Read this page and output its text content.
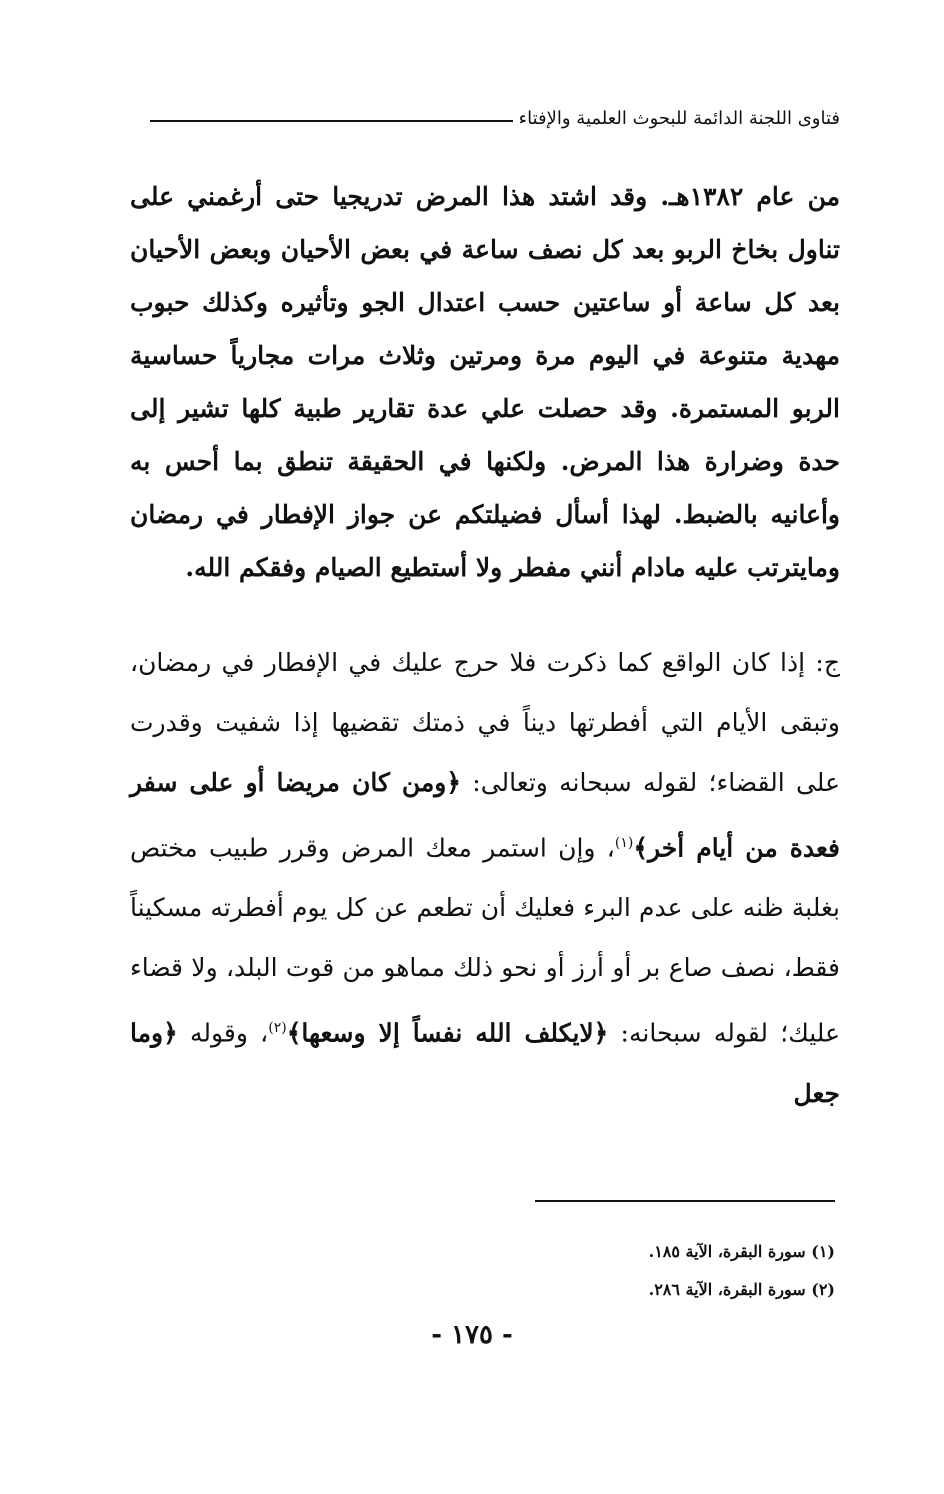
فتاوى اللجنة الدائمة للبحوث العلمية والإفتاء
من عام ١٣٨٢هـ. وقد اشتد هذا المرض تدريجيا حتى أرغمني على تناول بخاخ الربو بعد كل نصف ساعة في بعض الأحيان وبعض الأحيان بعد كل ساعة أو ساعتين حسب اعتدال الجو وتأثيره وكذلك حبوب مهدية متنوعة في اليوم مرة ومرتين وثلاث مرات مجارياً حساسية الربو المستمرة. وقد حصلت علي عدة تقارير طبية كلها تشير إلى حدة وضرارة هذا المرض. ولكنها في الحقيقة تنطق بما أحس به وأعانيه بالضبط. لهذا أسأل فضيلتكم عن جواز الإفطار في رمضان ومايترتب عليه مادام أنني مفطر ولا أستطيع الصيام وفقكم الله.
ج: إذا كان الواقع كما ذكرت فلا حرج عليك في الإفطار في رمضان، وتبقى الأيام التي أفطرتها ديناً في ذمتك تقضيها إذا شفيت وقدرت على القضاء؛ لقوله سبحانه وتعالى: ﴿ومن كان مريضا أو على سفر فعدة من أيام أخر﴾$^{(١)}$، وإن استمر معك المرض وقرر طبيب مختص بغلبة ظنه على عدم البرء فعليك أن تطعم عن كل يوم أفطرته مسكيناً فقط، نصف صاع بر أو أرز أو نحو ذلك مماهو من قوت البلد، ولا قضاء عليك؛ لقوله سبحانه: ﴿لايكلف الله نفساً إلا وسعها﴾$^{(٢)}$، وقوله ﴿وما جعل
(١) سورة البقرة، الآية ١٨٥.
(٢) سورة البقرة، الآية ٢٨٦.
- ١٧٥ -
